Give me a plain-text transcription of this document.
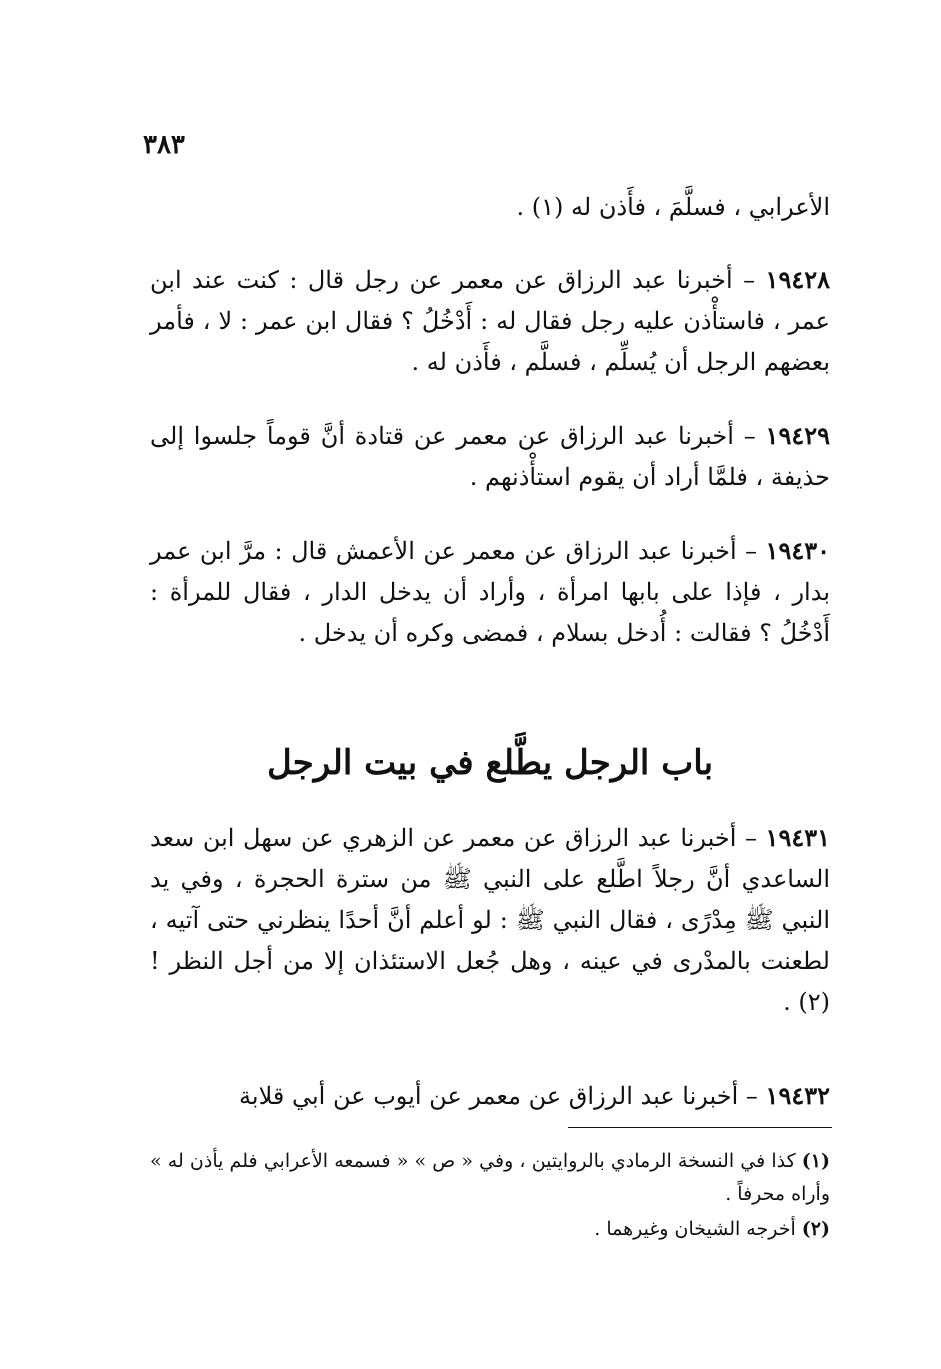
٣٨٣

الأعرابي ، فسلَّمَ ، فأَذن له (١) .

١٩٤٢٨ – أخبرنا عبد الرزاق عن معمر عن رجل قال : كنت عند ابن عمر ، فاستأْذن عليه رجل فقال له : أَدْخُلُ ؟ فقال ابن عمر : لا ، فأمر بعضهم الرجل أن يُسلِّم ، فسلَّم ، فأَذن له .

١٩٤٢٩ – أخبرنا عبد الرزاق عن معمر عن قتادة أنَّ قوماً جلسوا إلى حذيفة ، فلمَّا أراد أن يقوم استأْذنهم .

١٩٤٣٠ – أخبرنا عبد الرزاق عن معمر عن الأعمش قال : مرَّ ابن عمر بدار ، فإذا على بابها امرأة ، وأراد أن يدخل الدار ، فقال للمرأة : أَدْخُلُ ؟ فقالت : أُدخل بسلام ، فمضى وكره أن يدخل .

باب الرجل يطَّلع في بيت الرجل

١٩٤٣١ – أخبرنا عبد الرزاق عن معمر عن الزهري عن سهل ابن سعد الساعدي أنَّ رجلاً اطَّلع على النبي ﷺ من سترة الحجرة ، وفي يد النبي ﷺ مِدْرًى ، فقال النبي ﷺ : لو أعلم أنَّ أحدًا ينظرني حتى آتيه ، لطعنت بالمدْرى في عينه ، وهل جُعل الاستئذان إلا من أجل النظر ! (٢) .

١٩٤٣٢ – أخبرنا عبد الرزاق عن معمر عن أيوب عن أبي قلابة

(١) كذا في النسخة الرمادي بالروايتين ، وفي « ص » « فسمعه الأعرابي فلم يأذن له » وأراه محرفاً .
(٢) أخرجه الشيخان وغيرهما .
